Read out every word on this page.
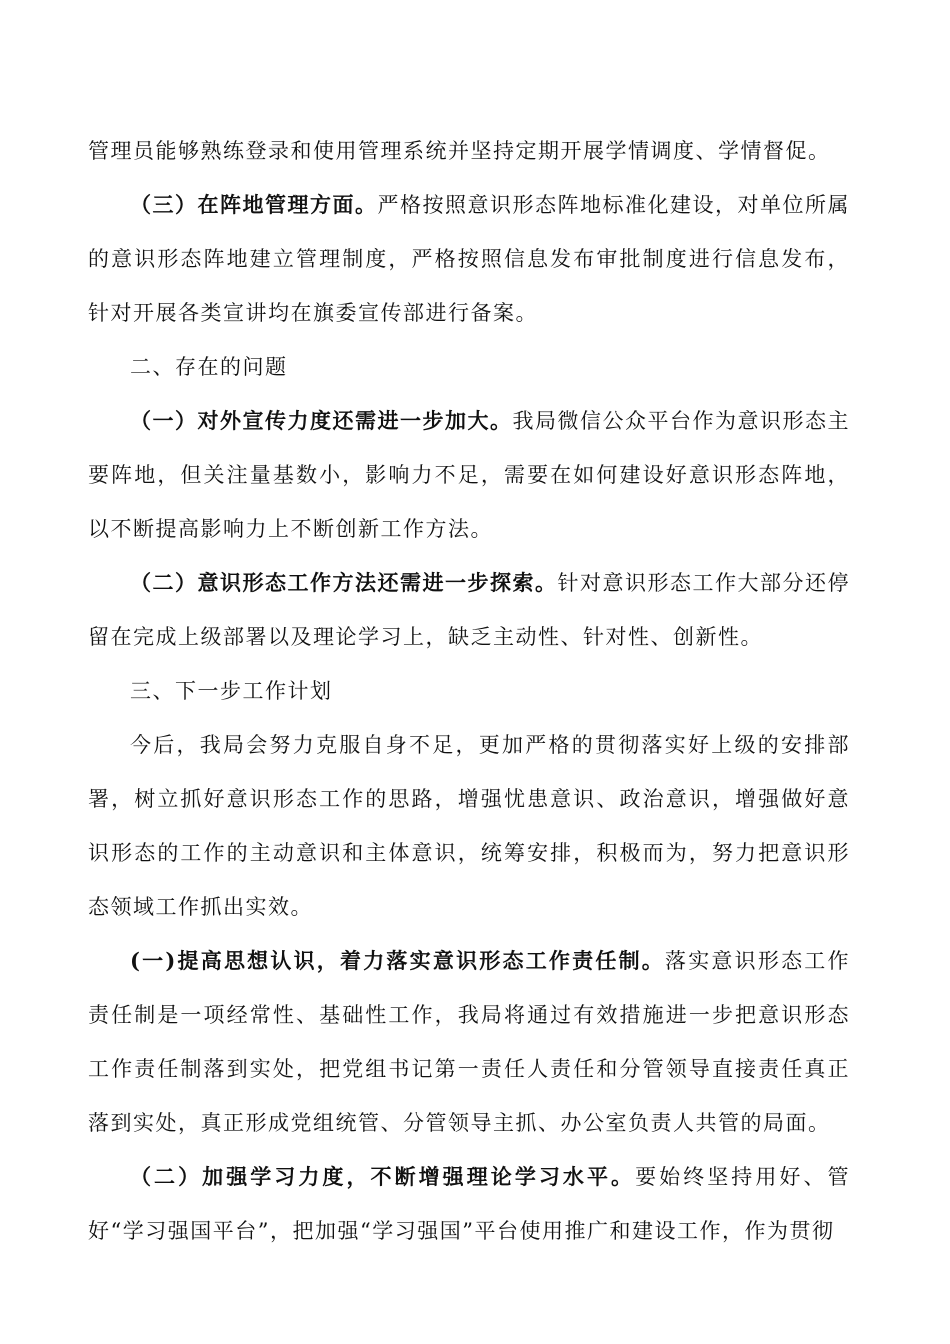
管理员能够熟练登录和使用管理系统并坚持定期开展学情调度、学情督促。

（三）在阵地管理方面。严格按照意识形态阵地标准化建设，对单位所属的意识形态阵地建立管理制度，严格按照信息发布审批制度进行信息发布，针对开展各类宣讲均在旗委宣传部进行备案。

二、存在的问题

（一）对外宣传力度还需进一步加大。我局微信公众平台作为意识形态主要阵地，但关注量基数小，影响力不足，需要在如何建设好意识形态阵地，以不断提高影响力上不断创新工作方法。

（二）意识形态工作方法还需进一步探索。针对意识形态工作大部分还停留在完成上级部署以及理论学习上，缺乏主动性、针对性、创新性。

三、下一步工作计划

今后，我局会努力克服自身不足，更加严格的贯彻落实好上级的安排部署，树立抓好意识形态工作的思路，增强忧患意识、政治意识，增强做好意识形态的工作的主动意识和主体意识，统筹安排，积极而为，努力把意识形态领域工作抓出实效。

(一)提高思想认识，着力落实意识形态工作责任制。落实意识形态工作责任制是一项经常性、基础性工作，我局将通过有效措施进一步把意识形态工作责任制落到实处，把党组书记第一责任人责任和分管领导直接责任真正落到实处，真正形成党组统管、分管领导主抓、办公室负责人共管的局面。

（二）加强学习力度，不断增强理论学习水平。要始终坚持用好、管好“学习强国平台”，把加强“学习强国”平台使用推广和建设工作，作为贯彻
